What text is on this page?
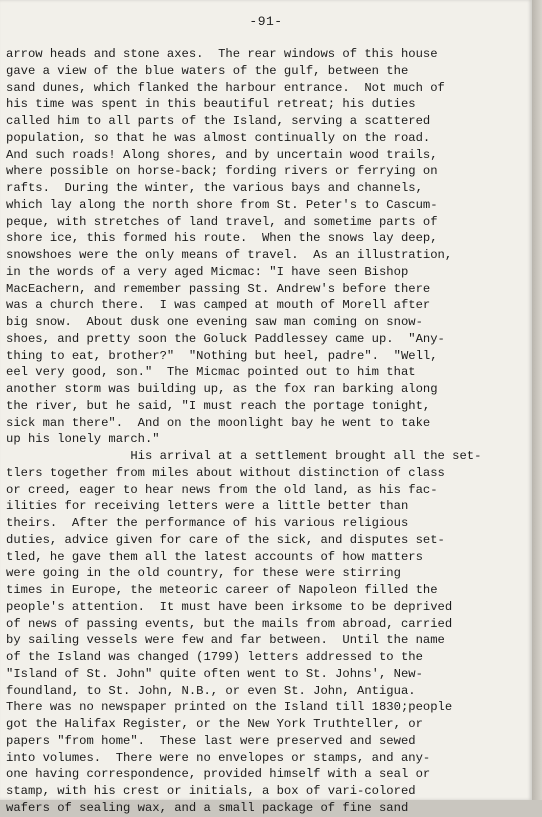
-91-
arrow heads and stone axes.  The rear windows of this house
gave a view of the blue waters of the gulf, between the
sand dunes, which flanked the harbour entrance.  Not much of
his time was spent in this beautiful retreat; his duties
called him to all parts of the Island, serving a scattered
population, so that he was almost continually on the road.
And such roads! Along shores, and by uncertain wood trails,
where possible on horse-back; fording rivers or ferrying on
rafts.  During the winter, the various bays and channels,
which lay along the north shore from St. Peter's to Cascum-
peque, with stretches of land travel, and sometime parts of
shore ice, this formed his route.  When the snows lay deep,
snowshoes were the only means of travel.  As an illustration,
in the words of a very aged Micmac: "I have seen Bishop
MacEachern, and remember passing St. Andrew's before there
was a church there.  I was camped at mouth of Morell after
big snow.  About dusk one evening saw man coming on snow-
shoes, and pretty soon the Goluck Paddlessey came up.  "Any-
thing to eat, brother?"  "Nothing but heel, padre".  "Well,
eel very good, son."  The Micmac pointed out to him that
another storm was building up, as the fox ran barking along
the river, but he said, "I must reach the portage tonight,
sick man there".  And on the moonlight bay he went to take
up his lonely march."
His arrival at a settlement brought all the set-
tlers together from miles about without distinction of class
or creed, eager to hear news from the old land, as his fac-
ilities for receiving letters were a little better than
theirs.  After the performance of his various religious
duties, advice given for care of the sick, and disputes set-
tled, he gave them all the latest accounts of how matters
were going in the old country, for these were stirring
times in Europe, the meteoric career of Napoleon filled the
people's attention.  It must have been irksome to be deprived
of news of passing events, but the mails from abroad, carried
by sailing vessels were few and far between.  Until the name
of the Island was changed (1799) letters addressed to the
"Island of St. John" quite often went to St. Johns', New-
foundland, to St. John, N.B., or even St. John, Antigua.
There was no newspaper printed on the Island till 1830;people
got the Halifax Register, or the New York Truthteller, or
papers "from home".  These last were preserved and sewed
into volumes.  There were no envelopes or stamps, and any-
one having correspondence, provided himself with a seal or
stamp, with his crest or initials, a box of vari-colored
wafers of sealing wax, and a small package of fine sand
